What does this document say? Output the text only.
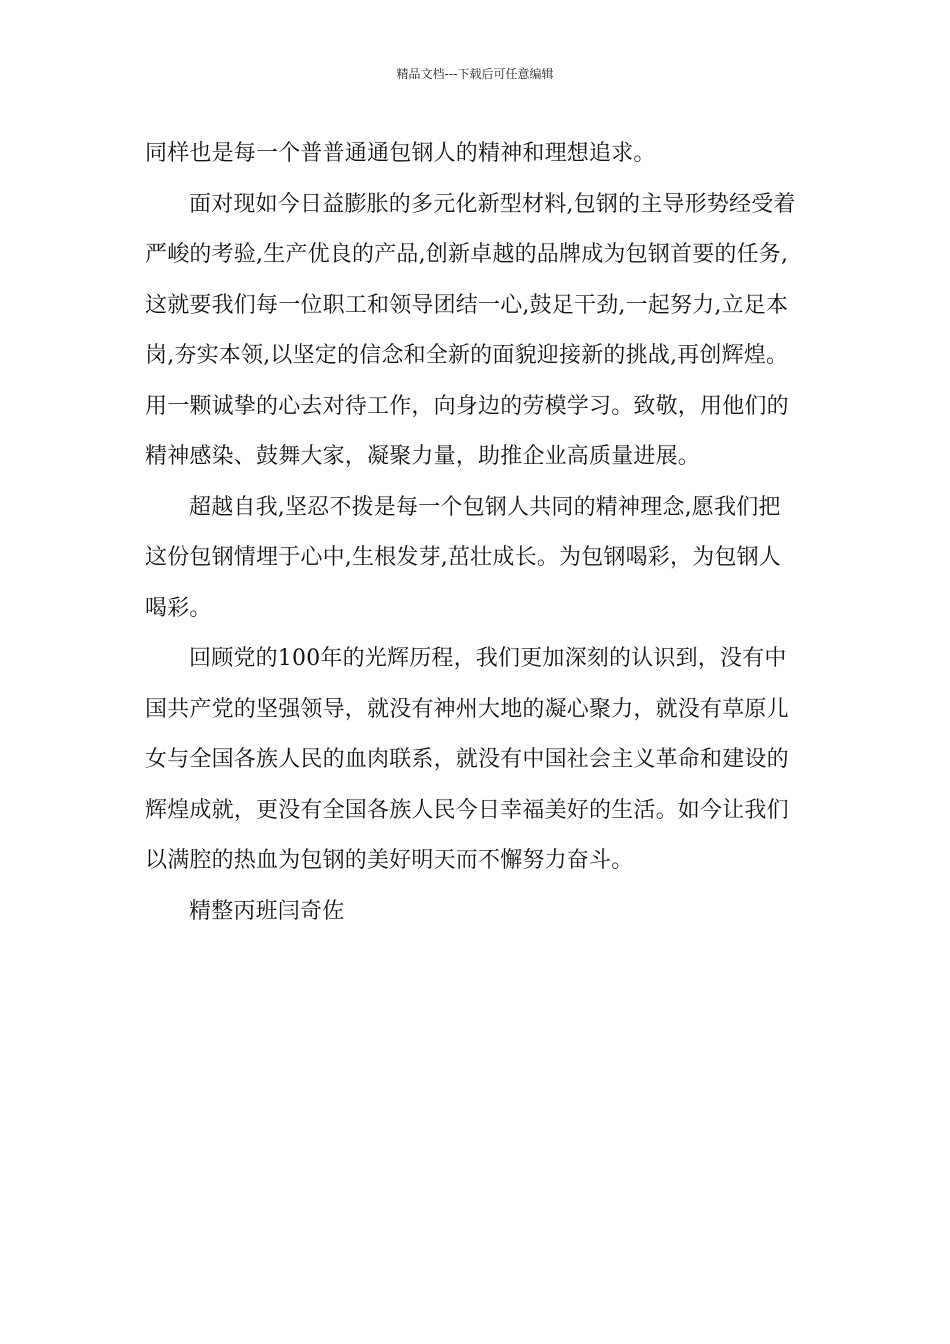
精品文档---下载后可任意编辑
同样也是每一个普普通通包钢人的精神和理想追求。
面对现如今日益膨胀的多元化新型材料,包钢的主导形势经受着
严峻的考验,生产优良的产品,创新卓越的品牌成为包钢首要的任务,
这就要我们每一位职工和领导团结一心,鼓足干劲,一起努力,立足本
岗,夯实本领,以坚定的信念和全新的面貌迎接新的挑战,再创辉煌。
用一颗诚挚的心去对待工作，向身边的劳模学习。致敬，用他们的
精神感染、鼓舞大家，凝聚力量，助推企业高质量进展。
超越自我,坚忍不拨是每一个包钢人共同的精神理念,愿我们把
这份包钢情埋于心中,生根发芽,茁壮成长。为包钢喝彩，为包钢人
喝彩。
回顾党的100年的光辉历程，我们更加深刻的认识到，没有中
国共产党的坚强领导，就没有神州大地的凝心聚力，就没有草原儿
女与全国各族人民的血肉联系，就没有中国社会主义革命和建设的
辉煌成就，更没有全国各族人民今日幸福美好的生活。如今让我们
以满腔的热血为包钢的美好明天而不懈努力奋斗。
精整丙班闫奇佐
